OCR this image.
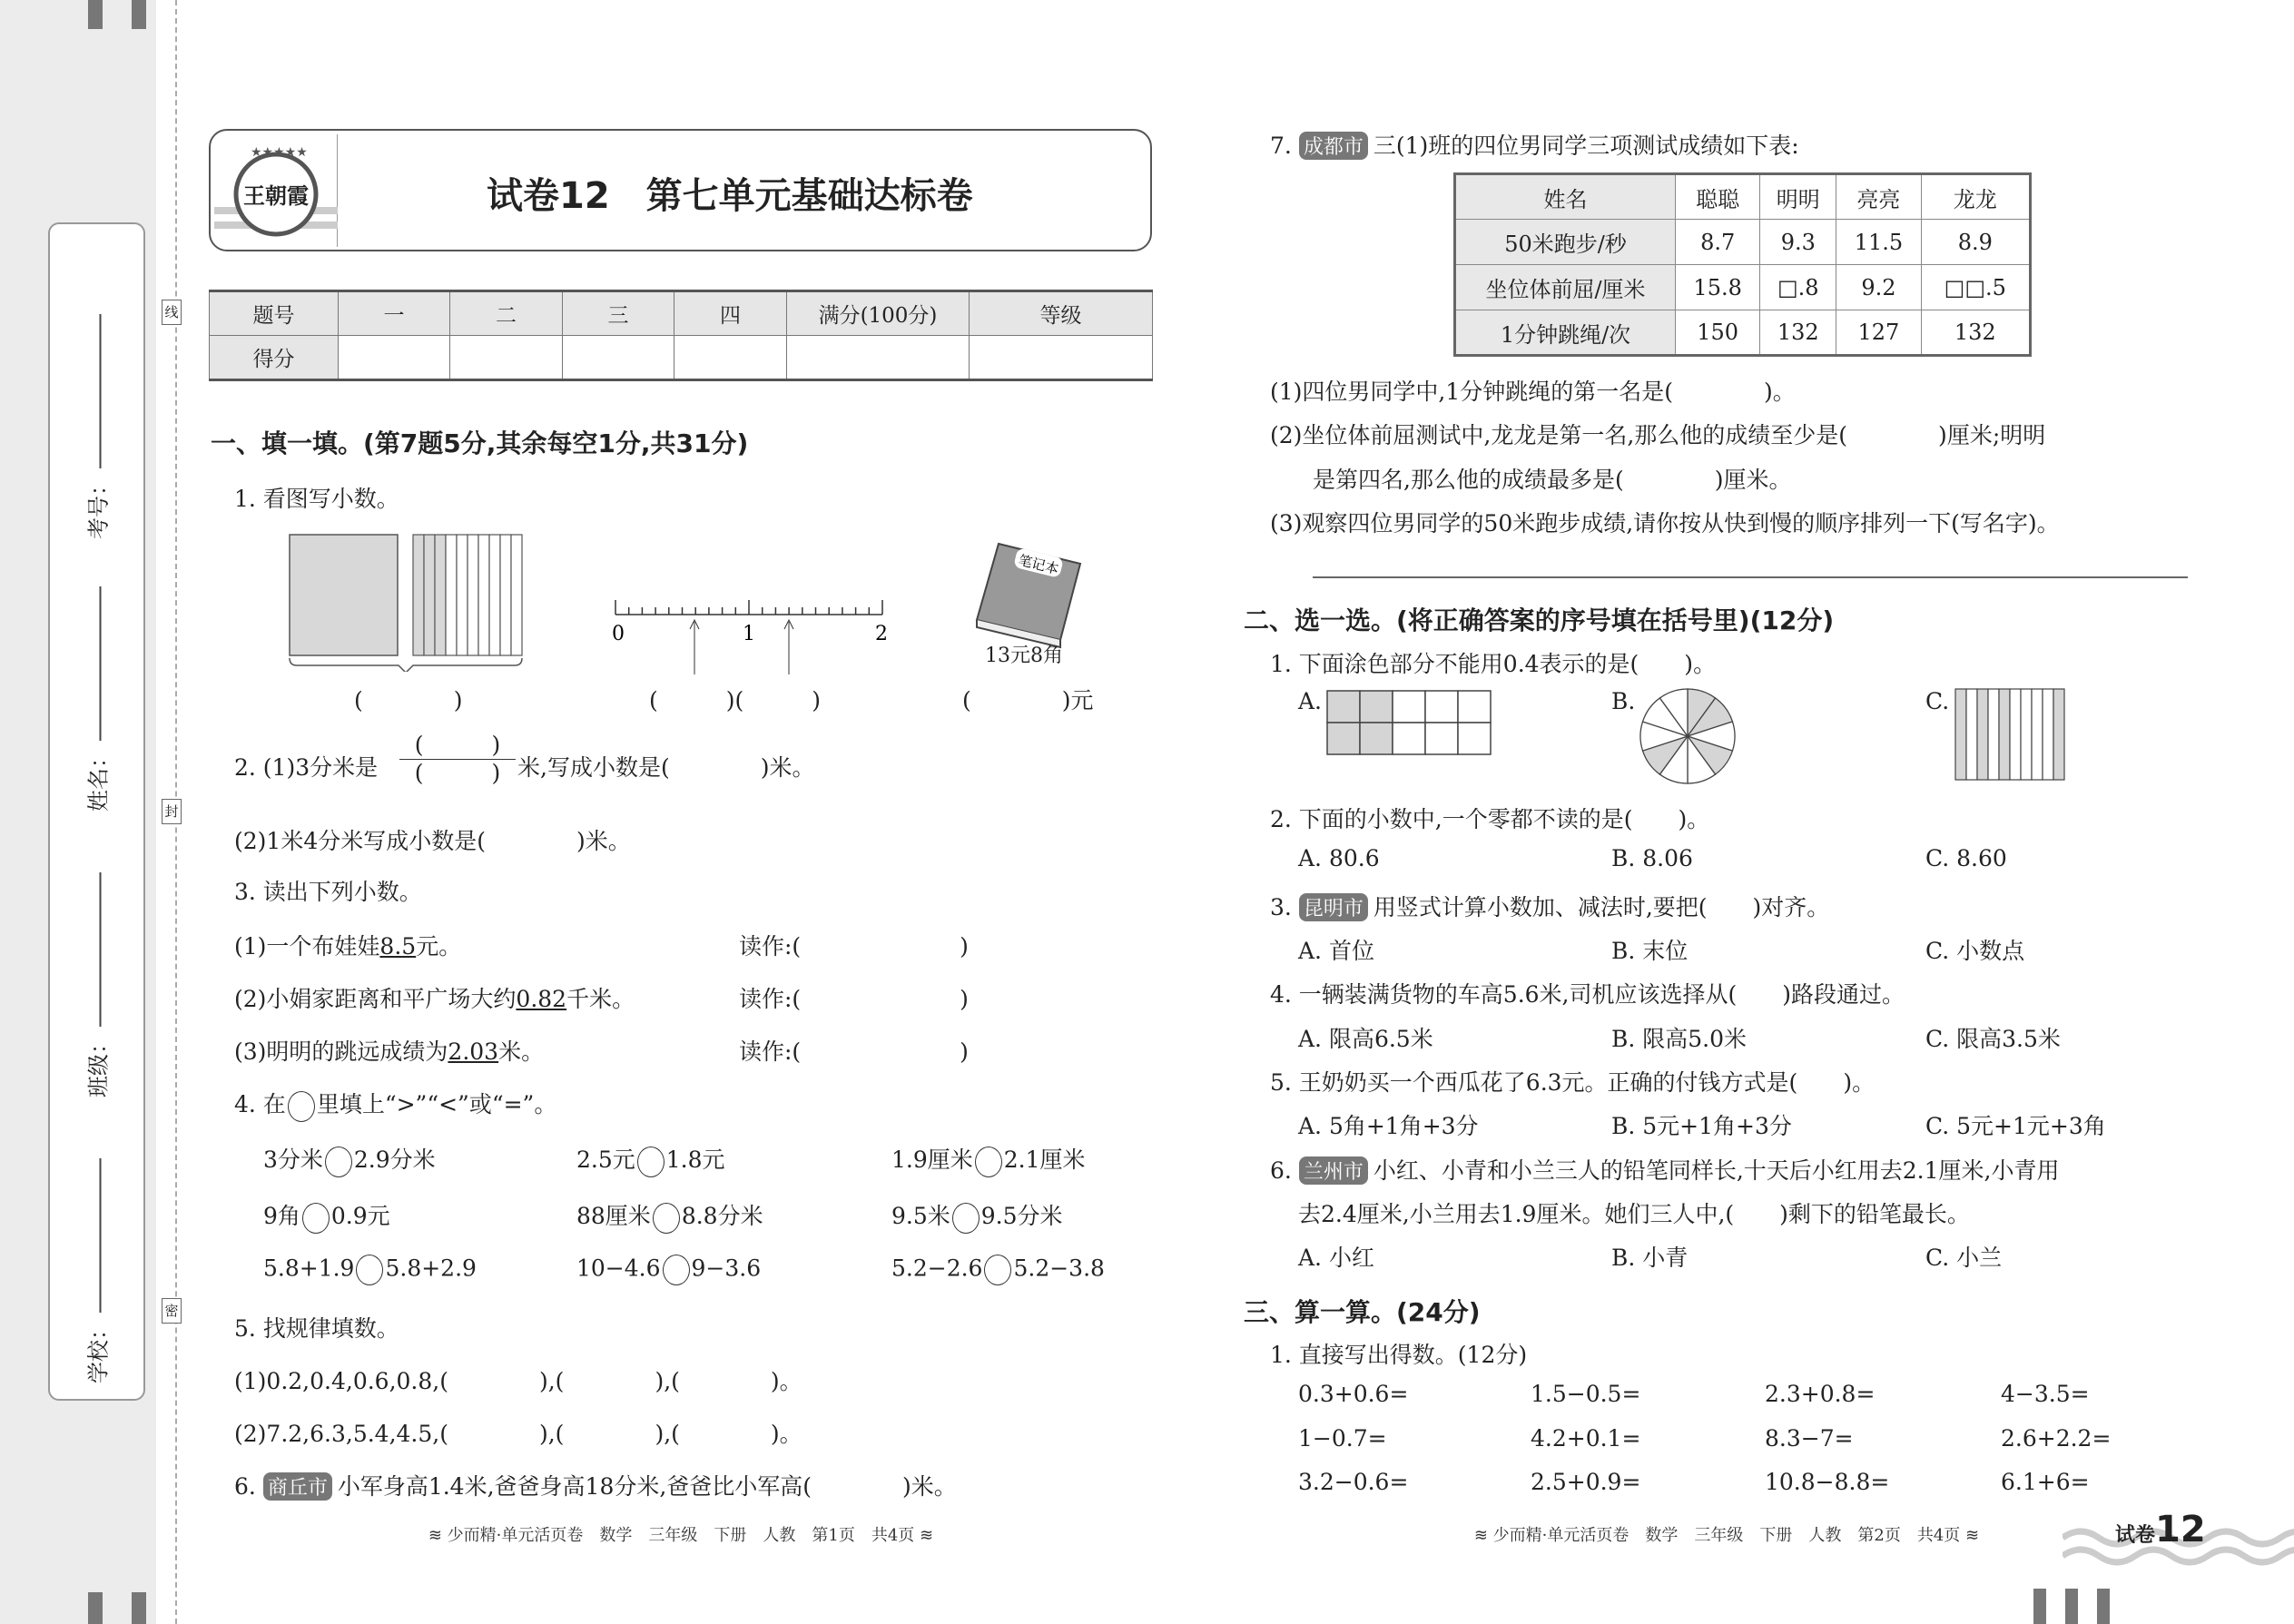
学校：
班级：
姓名：
考号：
线
封
密
★★★★★
王朝霞	试卷12　第七单元基础达标卷
题号	一	二	三	四	满分(100分)	等级
得分						
一、填一填。(第7题5分,其余每空1分,共31分)
1. 看图写小数。
0	1	2
笔记本
13元8角
(　　　　)	(　　　)(　　　)	(　　　　)元
2. (1)3分米是
(　　　)
(　　　) 米,写成小数是(　　　　)米。
(2)1米4分米写成小数是(　　　　)米。
3. 读出下列小数。
(1)一个布娃娃8.5元。
(2)小娟家距离和平广场大约0.82千米。
(3)明明的跳远成绩为2.03米。
读作:(　　　　　　　)
读作:(　　　　　　　)
读作:(　　　　　　　)
4. 在 里填上“>”“<”或“=”。
3分米 2.9分米	2.5元 1.8元	1.9厘米 2.1厘米
9角 0.9元	88厘米 8.8分米	9.5米 9.5分米
5.8+1.9 5.8+2.9	10−4.6 9−3.6	5.2−2.6 5.2−3.8
5. 找规律填数。
(1)0.2,0.4,0.6,0.8,(　　　　),(　　　　),(　　　　)。
(2)7.2,6.3,5.4,4.5,(　　　　),(　　　　),(　　　　)。
6. 商丘市 小军身高1.4米,爸爸身高18分米,爸爸比小军高(　　　　)米。
≋ 少而精·单元活页卷　数学　三年级　下册　人教　第1页　共4页 ≋
7. 成都市 三(1)班的四位男同学三项测试成绩如下表:
姓名	聪聪	明明	亮亮	龙龙
50米跑步/秒	8.7	9.3	11.5	8.9
坐位体前屈/厘米	15.8	□.8	9.2	□□.5
1分钟跳绳/次	150	132	127	132
(1)四位男同学中,1分钟跳绳的第一名是(　　　　)。
(2)坐位体前屈测试中,龙龙是第一名,那么他的成绩至少是(　　　　)厘米;明明
是第四名,那么他的成绩最多是(　　　　)厘米。
(3)观察四位男同学的50米跑步成绩,请你按从快到慢的顺序排列一下(写名字)。
二、选一选。(将正确答案的序号填在括号里)(12分)
1. 下面涂色部分不能用0.4表示的是(　　)。
A.	B.	C.
2. 下面的小数中,一个零都不读的是(　　)。
A. 80.6	B. 8.06	C. 8.60
3. 昆明市 用竖式计算小数加、减法时,要把(　　)对齐。
A. 首位	B. 末位	C. 小数点
4. 一辆装满货物的车高5.6米,司机应该选择从(　　)路段通过。
A. 限高6.5米	B. 限高5.0米	C. 限高3.5米
5. 王奶奶买一个西瓜花了6.3元。正确的付钱方式是(　　)。
A. 5角+1角+3分	B. 5元+1角+3分	C. 5元+1元+3角
6. 兰州市 小红、小青和小兰三人的铅笔同样长,十天后小红用去2.1厘米,小青用
去2.4厘米,小兰用去1.9厘米。她们三人中,(　　)剩下的铅笔最长。
A. 小红	B. 小青	C. 小兰
三、算一算。(24分)
1. 直接写出得数。(12分)
0.3+0.6=	1.5−0.5=	2.3+0.8=	4−3.5=
1−0.7=	4.2+0.1=	8.3−7=	2.6+2.2=
3.2−0.6=	2.5+0.9=	10.8−8.8=	6.1+6=
≋ 少而精·单元活页卷　数学　三年级　下册　人教　第2页　共4页 ≋	试卷12
